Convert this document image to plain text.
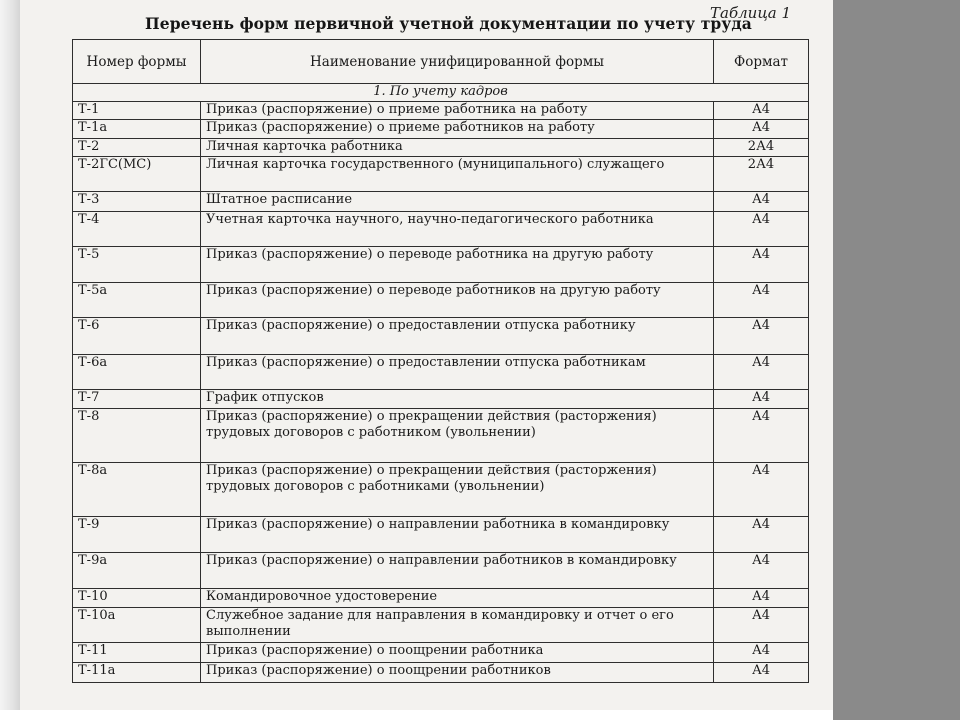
Таблица 1
Перечень форм первичной учетной документации по учету труда
Номер формы	Наименование унифицированной формы	Формат
1. По учету кадров		
Т-1	Приказ (распоряжение) о приеме работника на работу	А4
Т-1а	Приказ (распоряжение) о приеме работников на работу	А4
Т-2	Личная карточка работника	2А4
Т-2ГС(МС)	Личная карточка государственного (муниципального) служащего	2А4
Т-3	Штатное расписание	А4
Т-4	Учетная карточка научного, научно-педагогического работника	А4
Т-5	Приказ (распоряжение) о переводе работника на другую работу	А4
Т-5а	Приказ (распоряжение) о переводе работников на другую работу	А4
Т-6	Приказ (распоряжение) о предоставлении отпуска работнику	А4
Т-6а	Приказ (распоряжение) о предоставлении отпуска работникам	А4
Т-7	График отпусков	А4
Т-8	Приказ (распоряжение) о прекращении действия (расторжения) трудовых договоров с работником (увольнении)	А4
Т-8а	Приказ (распоряжение) о прекращении действия (расторжения) трудовых договоров с работниками (увольнении)	А4
Т-9	Приказ (распоряжение) о направлении работника в командировку	А4
Т-9а	Приказ (распоряжение) о направлении работников в командировку	А4
Т-10	Командировочное удостоверение	А4
Т-10а	Служебное задание для направления в командировку и отчет о его выполнении	А4
Т-11	Приказ (распоряжение) о поощрении работника	А4
Т-11а	Приказ (распоряжение) о поощрении работников	А4
